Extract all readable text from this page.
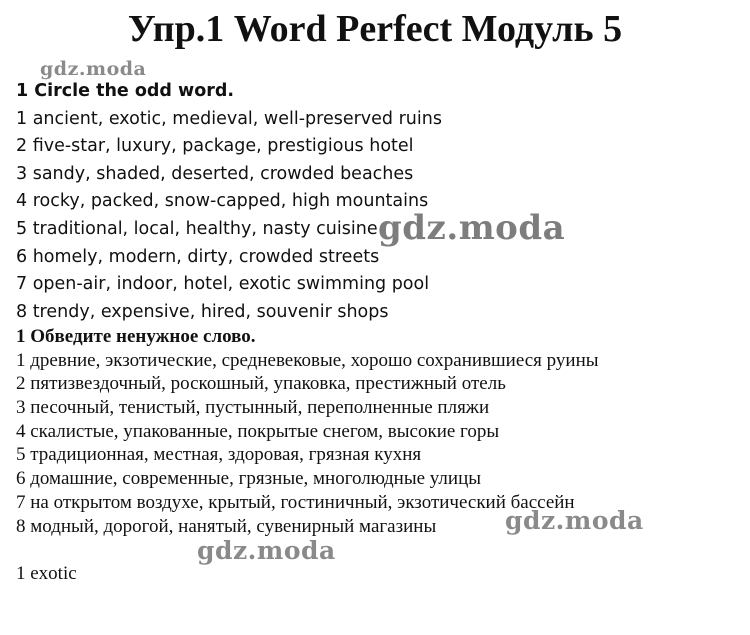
Упр.1 Word Perfect Модуль 5
gdz.moda
1 Circle the odd word.
1 ancient, exotic, medieval, well-preserved ruins
2 five-star, luxury, package, prestigious hotel
3 sandy, shaded, deserted, crowded beaches
4 rocky, packed, snow-capped, high mountains
5 traditional, local, healthy, nasty cuisine
6 homely, modern, dirty, crowded streets
7 open-air, indoor, hotel, exotic swimming pool
8 trendy, expensive, hired, souvenir shops
1 Обведите ненужное слово.
1 древние, экзотические, средневековые, хорошо сохранившиеся руины
2 пятизвездочный, роскошный, упаковка, престижный отель
3 песочный, тенистый, пустынный, переполненные пляжи
4 скалистые, упакованные, покрытые снегом, высокие горы
5 традиционная, местная, здоровая, грязная кухня
6 домашние, современные, грязные, многолюдные улицы
7 на открытом воздухе, крытый, гостиничный, экзотический бассейн
8 модный, дорогой, нанятый, сувенирный магазины
gdz.moda
gdz.moda
gdz.moda
1 exotic
